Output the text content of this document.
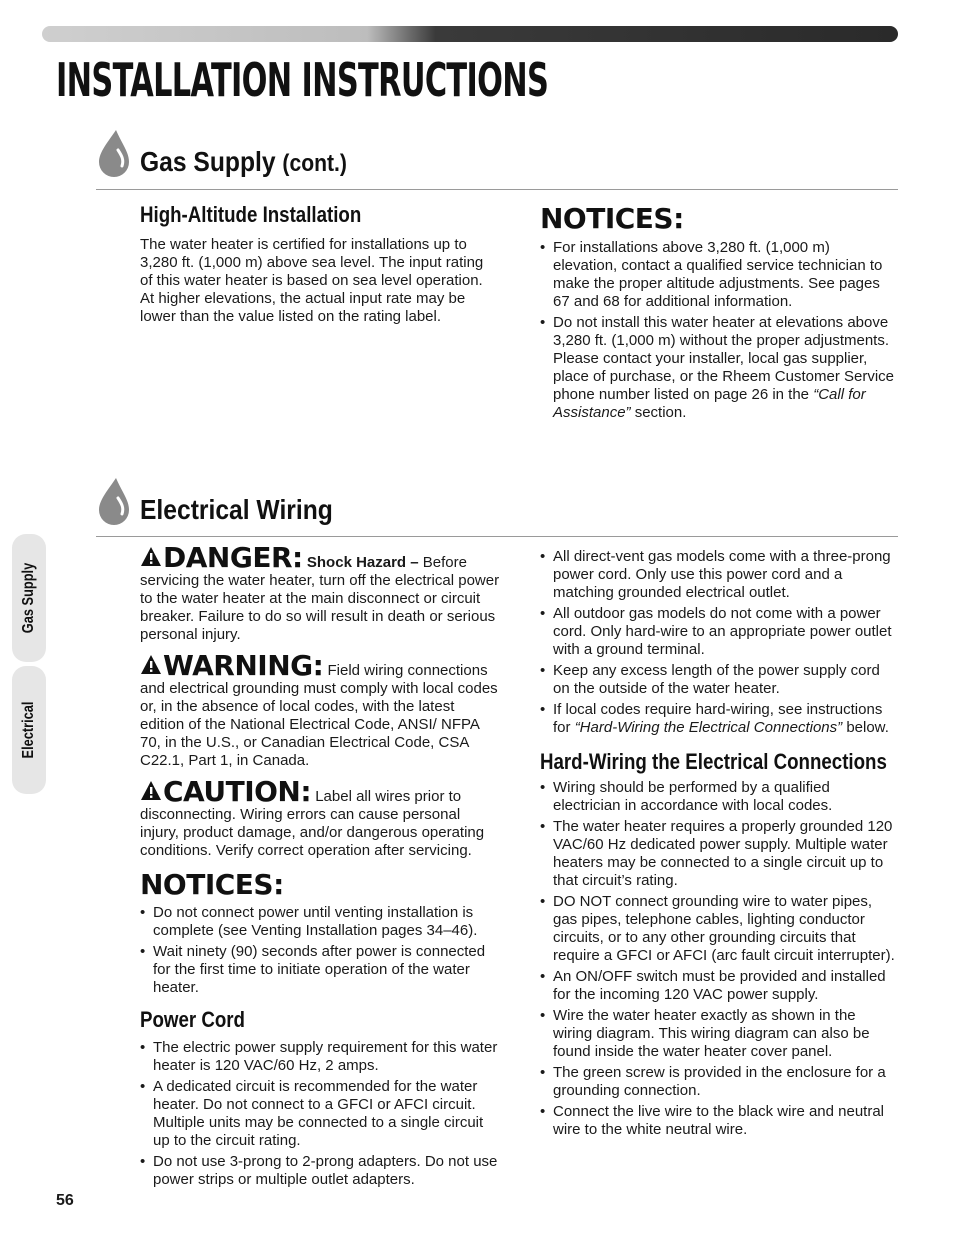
INSTALLATION INSTRUCTIONS
Gas Supply
Electrical
Gas Supply (cont.)
High-Altitude Installation

The water heater is certified for installations up to 3,280 ft. (1,000 m) above sea level. The input rating of this water heater is based on sea level operation. At higher elevations, the actual input rate may be lower than the value listed on the rating label.

NOTICES:
• For installations above 3,280 ft. (1,000 m) elevation, contact a qualified service technician to make the proper altitude adjustments. See pages 67 and 68 for additional information.
• Do not install this water heater at elevations above 3,280 ft. (1,000 m) without the proper adjustments. Please contact your installer, local gas supplier, place of purchase, or the Rheem Customer Service phone number listed on page 26 in the “Call for Assistance” section.
Electrical Wiring

DANGER: Shock Hazard – Before servicing the water heater, turn off the electrical power to the water heater at the main disconnect or circuit breaker. Failure to do so will result in death or serious personal injury.

WARNING: Field wiring connections and electrical grounding must comply with local codes or, in the absence of local codes, with the latest edition of the National Electrical Code, ANSI/ NFPA 70, in the U.S., or Canadian Electrical Code, CSA C22.1, Part 1, in Canada.

CAUTION: Label all wires prior to disconnecting. Wiring errors can cause personal injury, product damage, and/or dangerous operating conditions. Verify correct operation after servicing.

NOTICES:
• Do not connect power until venting installation is complete (see Venting Installation pages 34–46).
• Wait ninety (90) seconds after power is connected for the first time to initiate operation of the water heater.
Power Cord
• The electric power supply requirement for this water heater is 120 VAC/60 Hz, 2 amps.
• A dedicated circuit is recommended for the water heater. Do not connect to a GFCI or AFCI circuit. Multiple units may be connected to a single circuit up to the circuit rating.
• Do not use 3-prong to 2-prong adapters. Do not use power strips or multiple outlet adapters.
• All direct-vent gas models come with a three-prong power cord. Only use this power cord and a matching grounded electrical outlet.
• All outdoor gas models do not come with a power cord. Only hard-wire to an appropriate power outlet with a ground terminal.
• Keep any excess length of the power supply cord on the outside of the water heater.
• If local codes require hard-wiring, see instructions for “Hard-Wiring the Electrical Connections” below.
Hard-Wiring the Electrical Connections
• Wiring should be performed by a qualified electrician in accordance with local codes.
• The water heater requires a properly grounded 120 VAC/60 Hz dedicated power supply. Multiple water heaters may be connected to a single circuit up to that circuit’s rating.
• DO NOT connect grounding wire to water pipes, gas pipes, telephone cables, lighting conductor circuits, or to any other grounding circuits that require a GFCI or AFCI (arc fault circuit interrupter).
• An ON/OFF switch must be provided and installed for the incoming 120 VAC power supply.
• Wire the water heater exactly as shown in the wiring diagram. This wiring diagram can also be found inside the water heater cover panel.
• The green screw is provided in the enclosure for a grounding connection.
• Connect the live wire to the black wire and neutral wire to the white neutral wire.

56
